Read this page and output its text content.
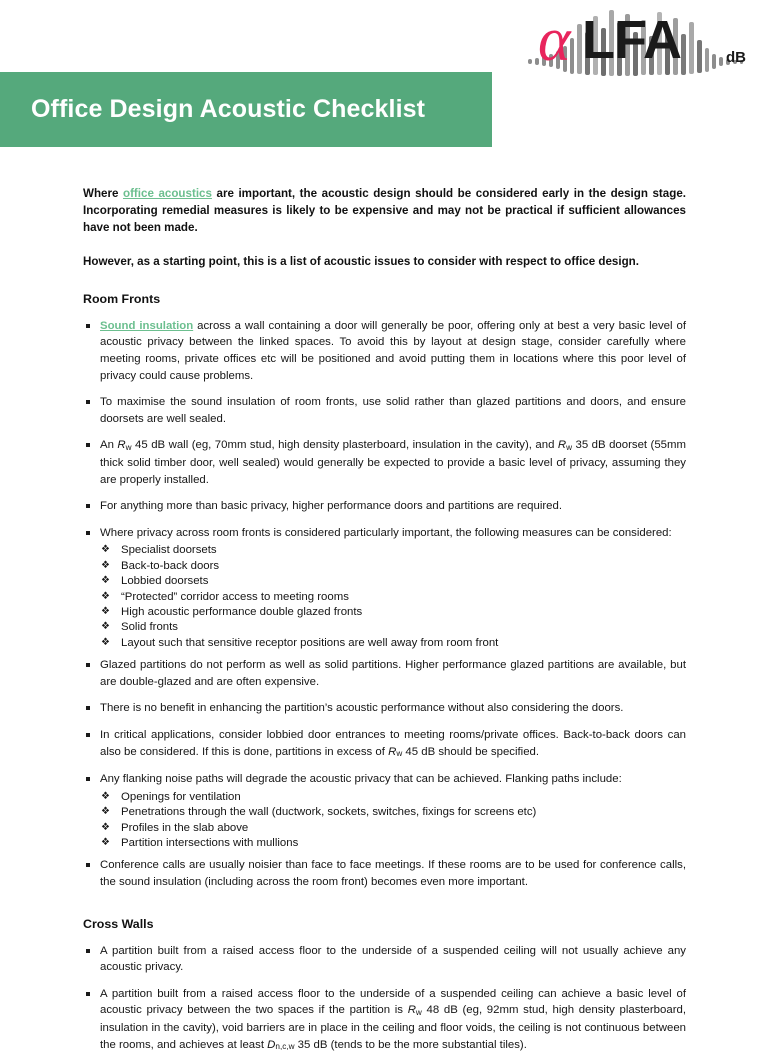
α LFA	dB
Office Design Acoustic Checklist

Where office acoustics are important, the acoustic design should be considered early in the design stage. Incorporating remedial measures is likely to be expensive and may not be practical if sufficient allowances have not been made.

However, as a starting point, this is a list of acoustic issues to consider with respect to office design.

Room Fronts
Sound insulation across a wall containing a door will generally be poor, offering only at best a very basic level of acoustic privacy between the linked spaces. To avoid this by layout at design stage, consider carefully where meeting rooms, private offices etc will be positioned and avoid putting them in locations where this poor level of privacy could cause problems.
To maximise the sound insulation of room fronts, use solid rather than glazed partitions and doors, and ensure doorsets are well sealed.
An $R_w$ 45 dB wall (eg, 70mm stud, high density plasterboard, insulation in the cavity), and $R_w$ 35 dB doorset (55mm thick solid timber door, well sealed) would generally be expected to provide a basic level of privacy, assuming they are properly installed.
For anything more than basic privacy, higher performance doors and partitions are required.
Where privacy across room fronts is considered particularly important, the following measures can be considered:
❖ Specialist doorsets
❖ Back-to-back doors
❖ Lobbied doorsets
❖ “Protected” corridor access to meeting rooms
❖ High acoustic performance double glazed fronts
❖ Solid fronts
❖ Layout such that sensitive receptor positions are well away from room front
Glazed partitions do not perform as well as solid partitions. Higher performance glazed partitions are available, but are double-glazed and are often expensive.
There is no benefit in enhancing the partition’s acoustic performance without also considering the doors.
In critical applications, consider lobbied door entrances to meeting rooms/private offices. Back-to-back doors can also be considered. If this is done, partitions in excess of $R_w$ 45 dB should be specified.
Any flanking noise paths will degrade the acoustic privacy that can be achieved. Flanking paths include:
❖ Openings for ventilation
❖ Penetrations through the wall (ductwork, sockets, switches, fixings for screens etc)
❖ Profiles in the slab above
❖ Partition intersections with mullions
Conference calls are usually noisier than face to face meetings. If these rooms are to be used for conference calls, the sound insulation (including across the room front) becomes even more important.
Cross Walls
A partition built from a raised access floor to the underside of a suspended ceiling will not usually achieve any acoustic privacy.
A partition built from a raised access floor to the underside of a suspended ceiling can achieve a basic level of acoustic privacy between the two spaces if the partition is $R_w$ 48 dB (eg, 92mm stud, high density plasterboard, insulation in the cavity), void barriers are in place in the ceiling and floor voids, the ceiling is not continuous between the rooms, and achieves at least $D_{n,c,w}$ 35 dB (tends to be the more substantial tiles).
